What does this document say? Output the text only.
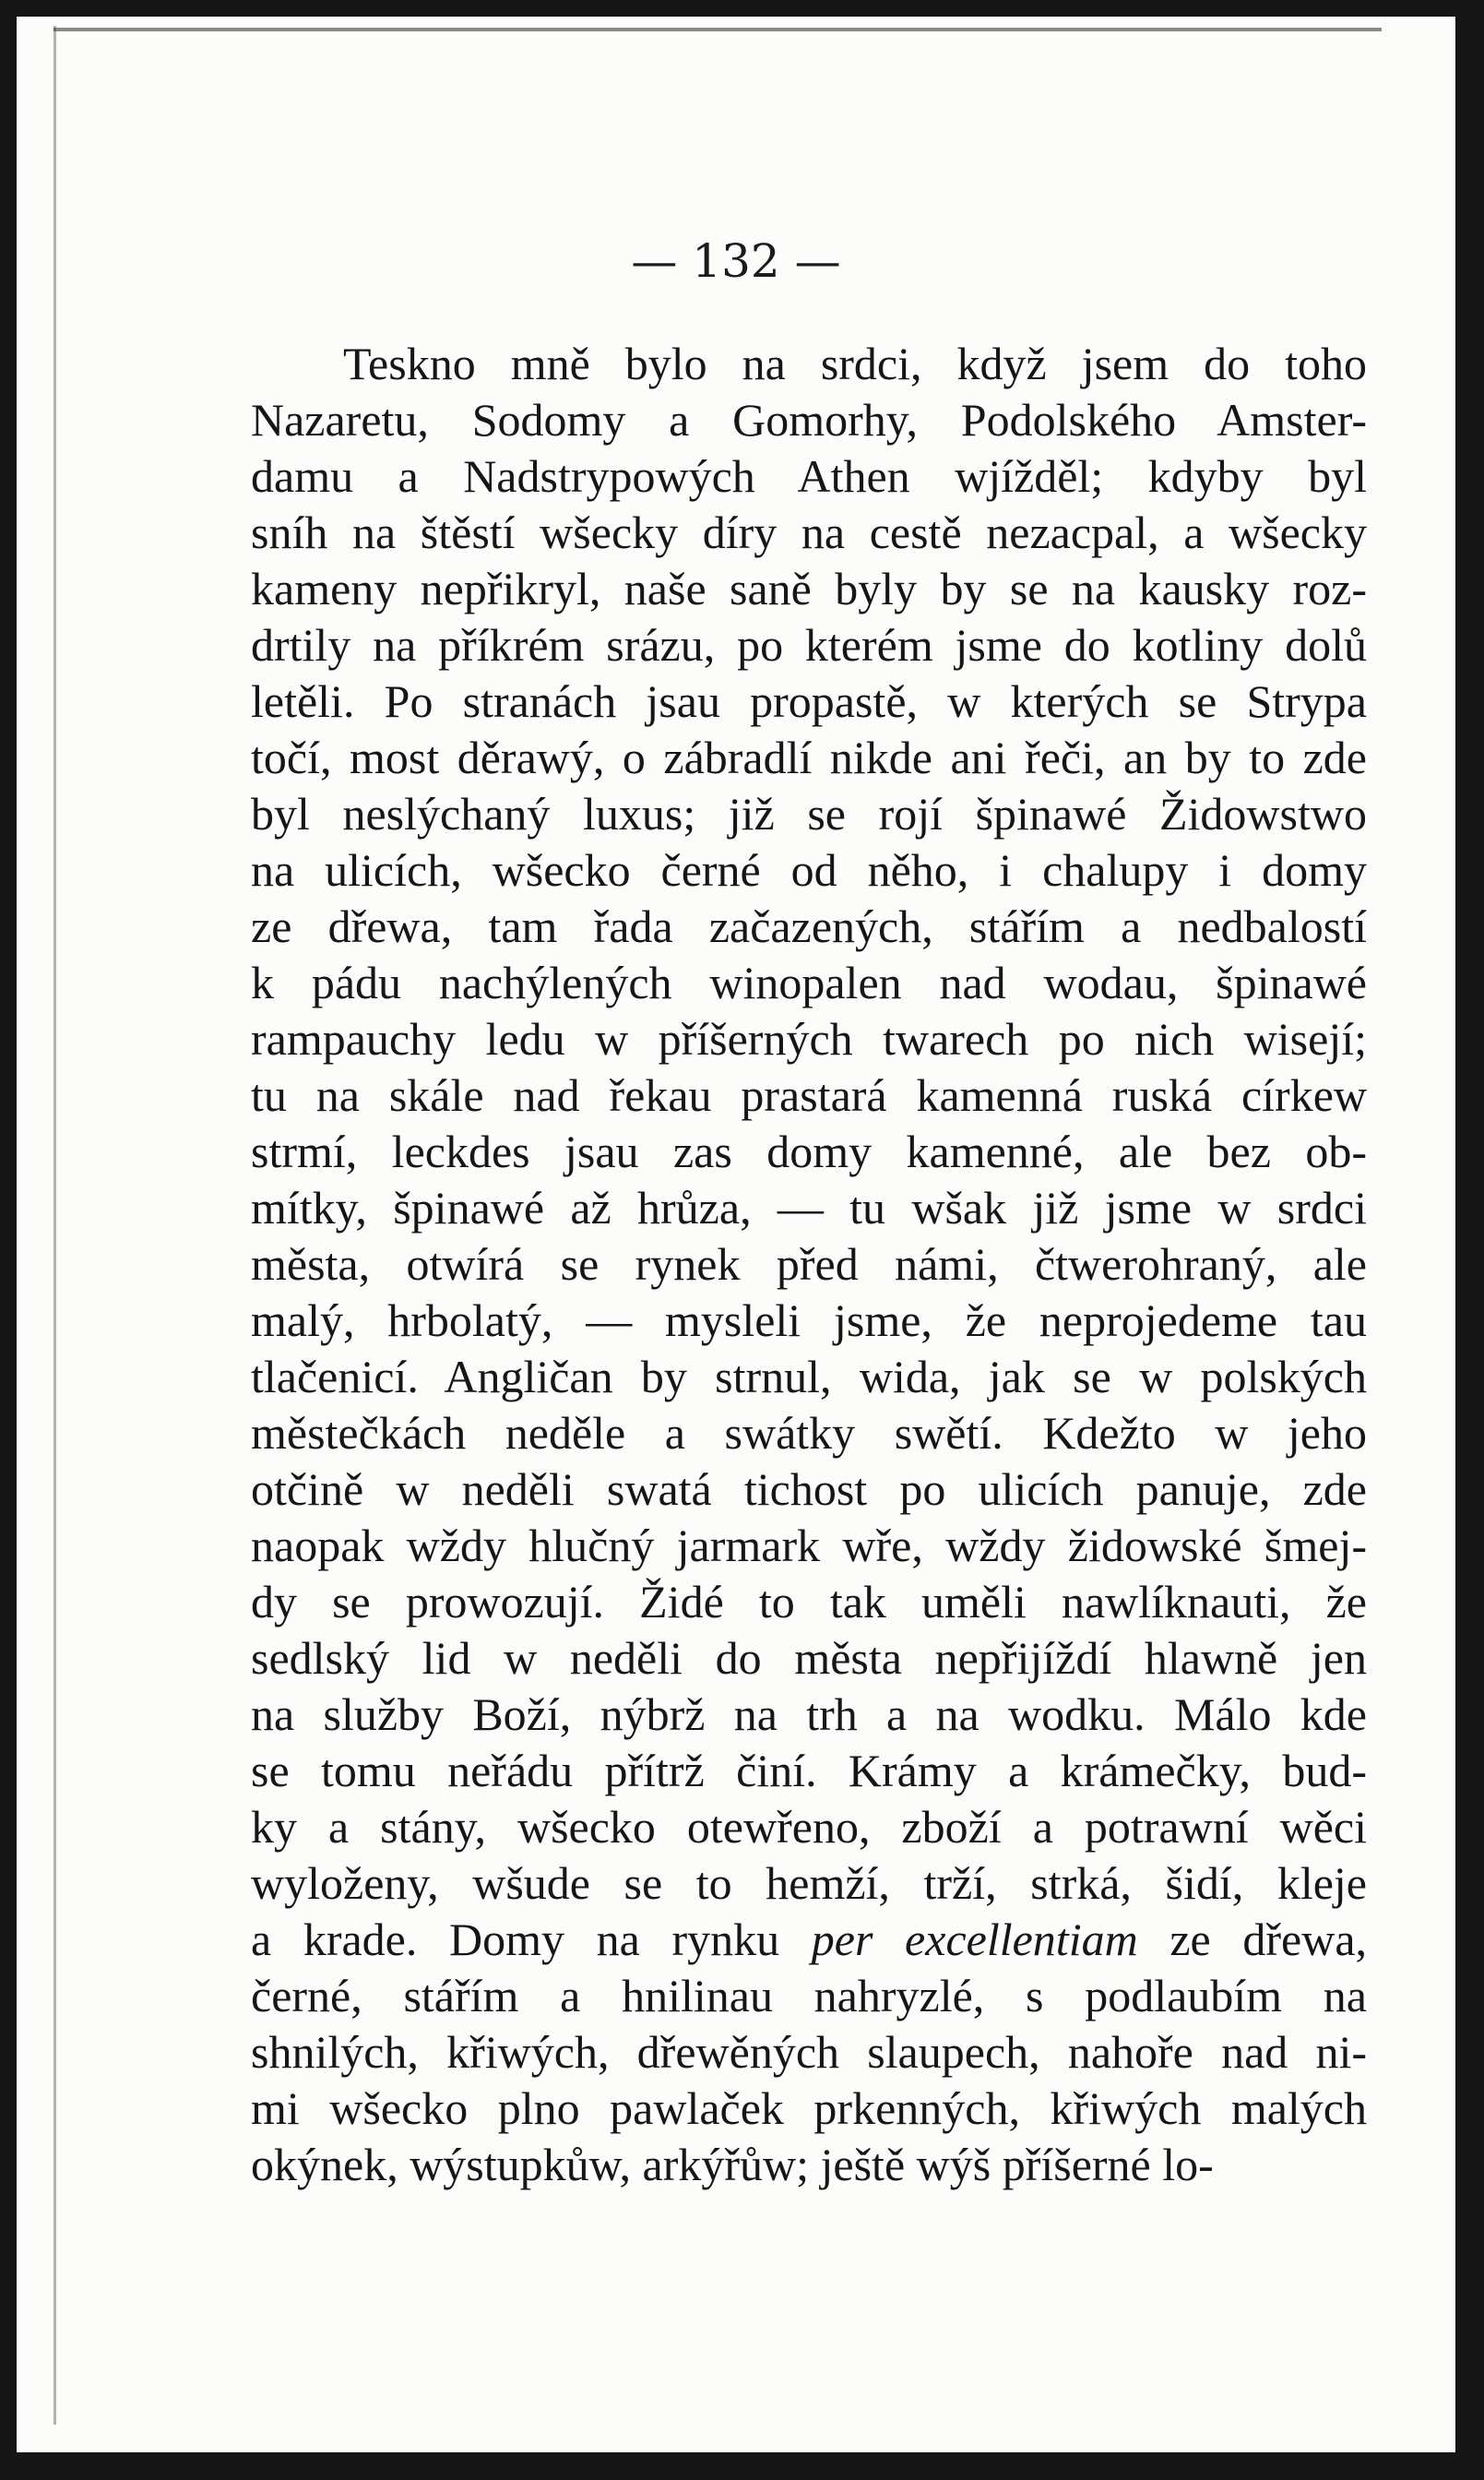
— 132 —
Teskno mně bylo na srdci, když jsem do toho
Nazaretu, Sodomy a Gomorhy, Podolského Amster-
damu a Nadstrypowých Athen wjížděl; kdyby byl
sníh na štěstí wšecky díry na cestě nezacpal, a wšecky
kameny nepřikryl, naše saně byly by se na kausky roz-
drtily na příkrém srázu, po kterém jsme do kotliny dolů
letěli. Po stranách jsau propastě, w kterých se Strypa
točí, most děrawý, o zábradlí nikde ani řeči, an by to zde
byl neslýchaný luxus; již se rojí špinawé Židowstwo
na ulicích, wšecko černé od něho, i chalupy i domy
ze dřewa, tam řada začazených, stářím a nedbalostí
k pádu nachýlených winopalen nad wodau, špinawé
rampauchy ledu w příšerných twarech po nich wisejí;
tu na skále nad řekau prastará kamenná ruská církew
strmí, leckdes jsau zas domy kamenné, ale bez ob-
mítky, špinawé až hrůza, — tu wšak již jsme w srdci
města, otwírá se rynek před námi, čtwerohraný, ale
malý, hrbolatý, — mysleli jsme, že neprojedeme tau
tlačenicí. Angličan by strnul, wida, jak se w polských
městečkách neděle a swátky swětí. Kdežto w jeho
otčině w neděli swatá tichost po ulicích panuje, zde
naopak wždy hlučný jarmark wře, wždy židowské šmej-
dy se prowozují. Židé to tak uměli nawlíknauti, že
sedlský lid w neděli do města nepřijíždí hlawně jen
na služby Boží, nýbrž na trh a na wodku. Málo kde
se tomu neřádu přítrž činí. Krámy a krámečky, bud-
ky a stány, wšecko otewřeno, zboží a potrawní wěci
wyloženy, wšude se to hemží, trží, strká, šidí, kleje
a krade. Domy na rynku per excellentiam ze dřewa,
černé, stářím a hnilinau nahryzlé, s podlaubím na
shnilých, křiwých, dřewěných slaupech, nahoře nad ni-
mi wšecko plno pawlaček prkenných, křiwých malých
okýnek, wýstupkůw, arkýřůw; ještě wýš příšerné lo-
